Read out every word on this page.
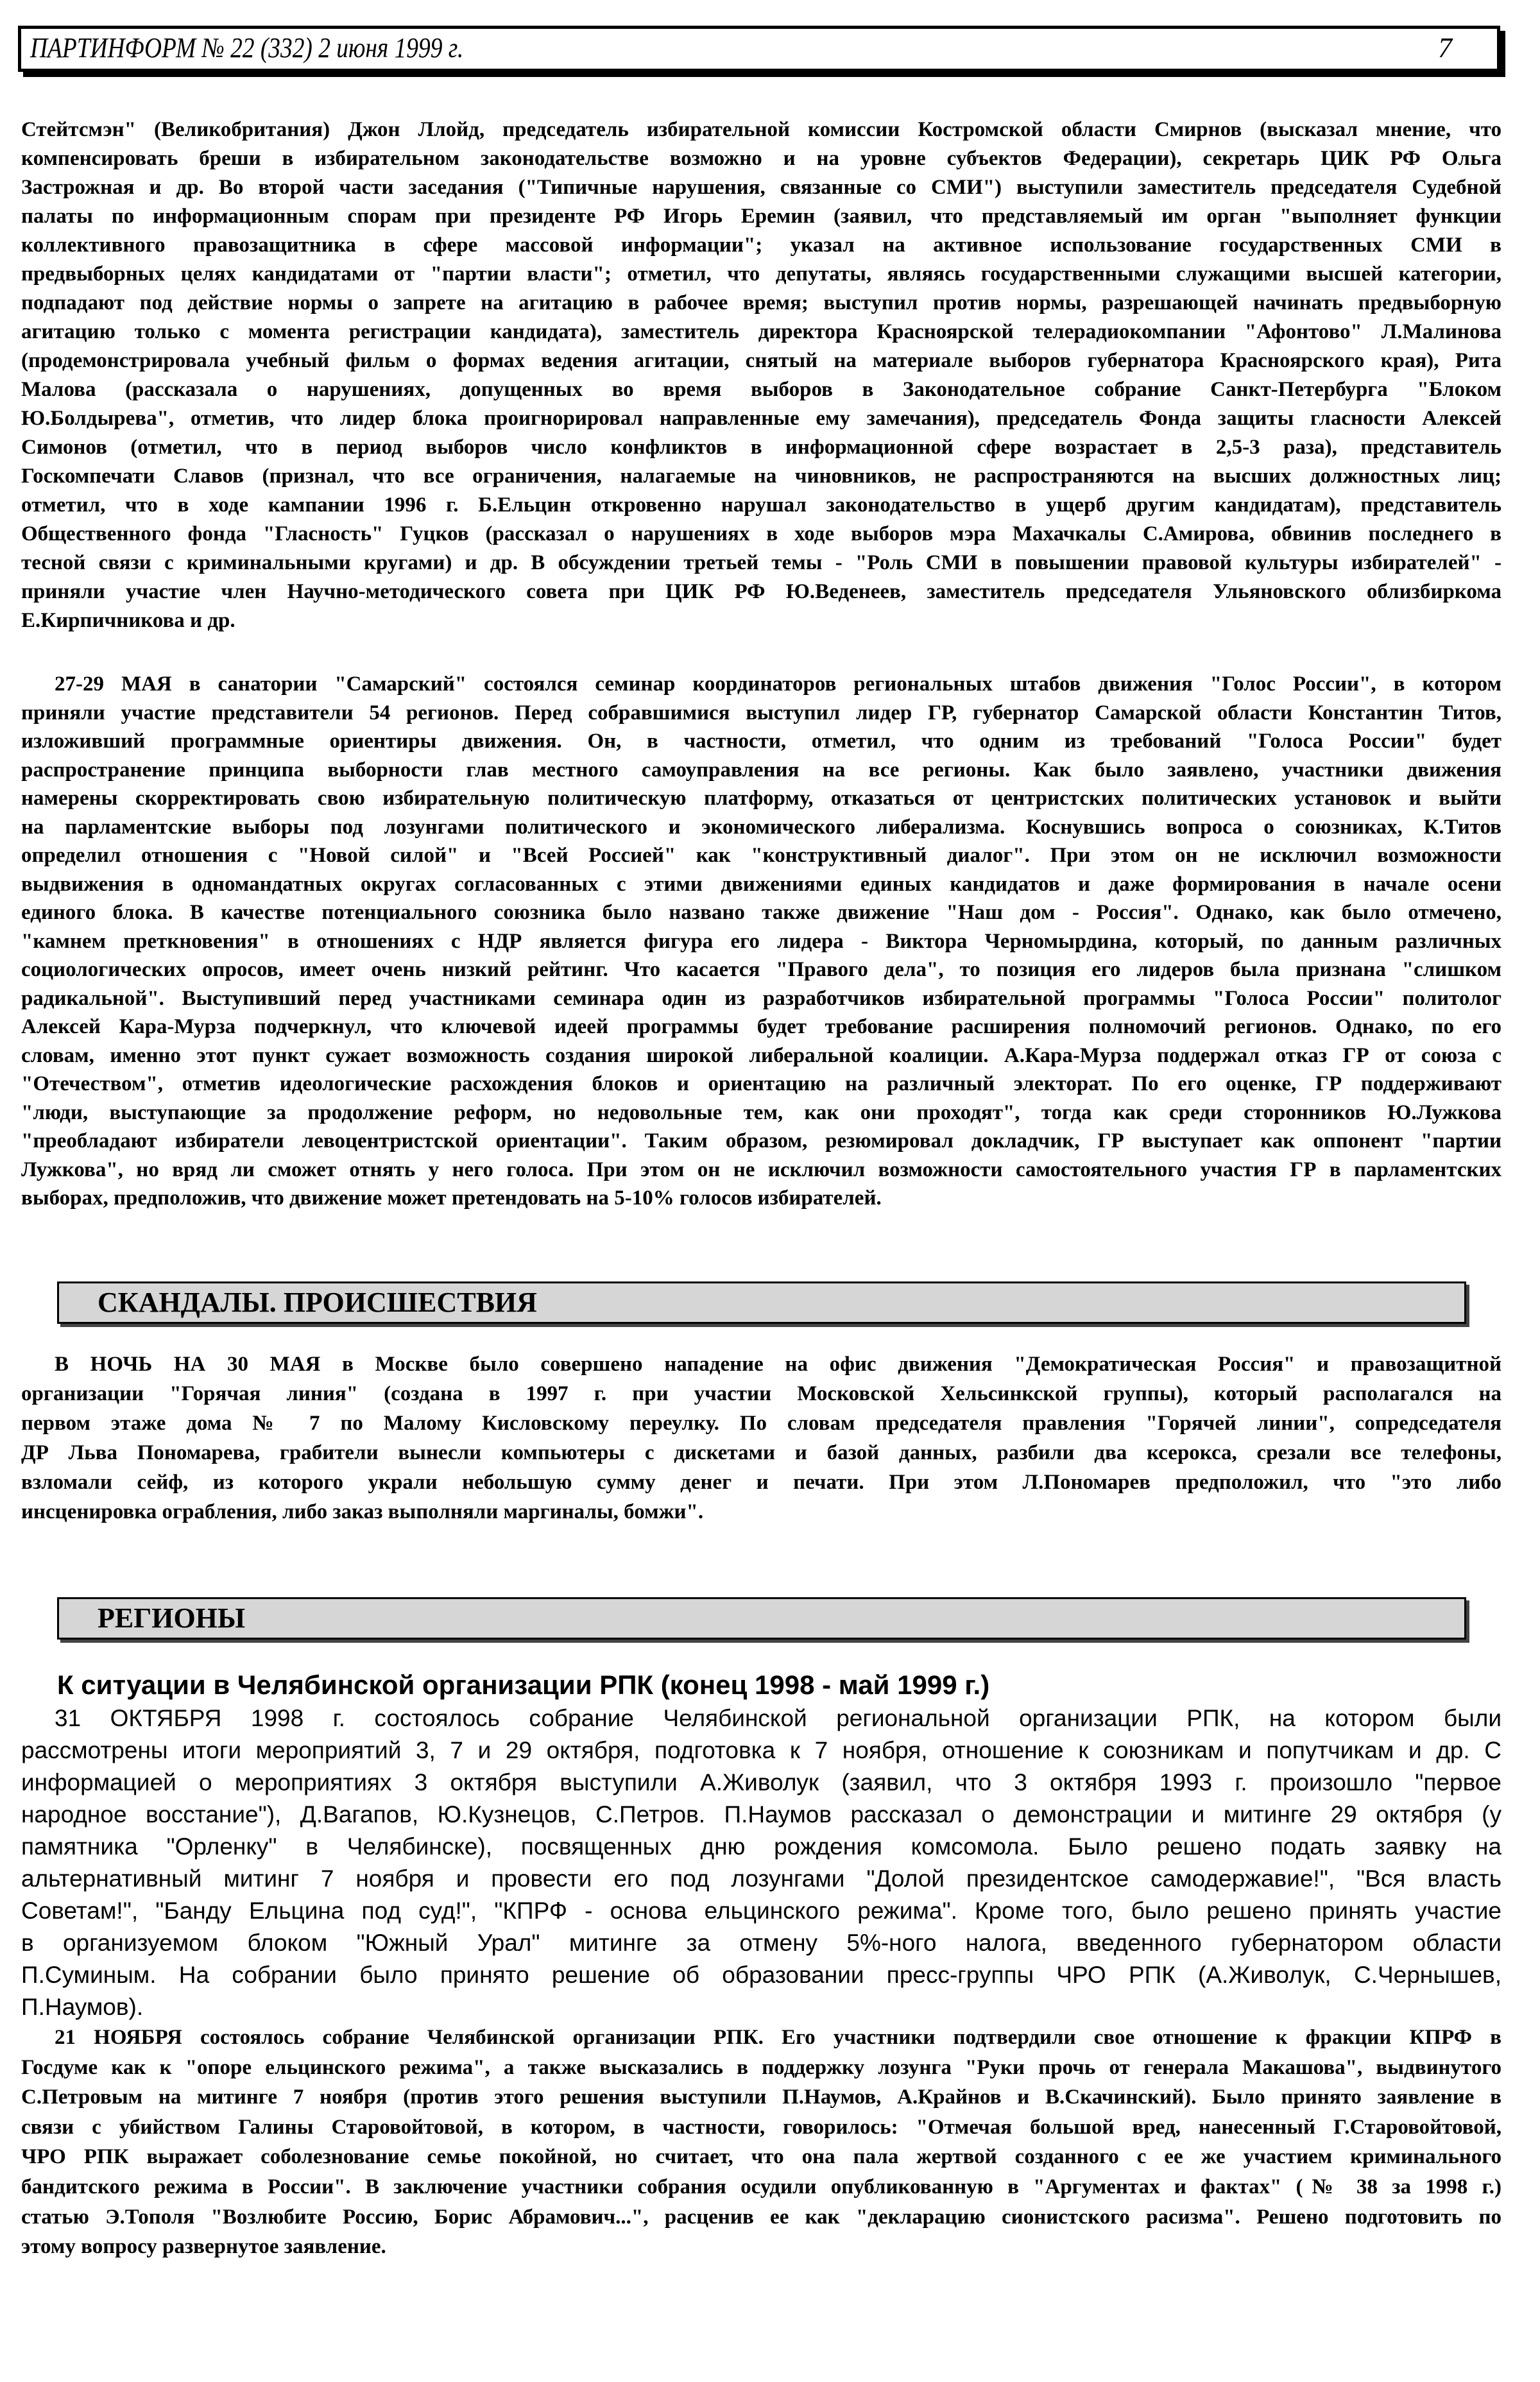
ПАРТИНФОРМ № 22 (332) 2 июня 1999 г.	7
Стейтсмэн" (Великобритания) Джон Ллойд, председатель избирательной комиссии Костромской области Смирнов (высказал мнение, что
компенсировать бреши в избирательном законодательстве возможно и на уровне субъектов Федерации), секретарь ЦИК РФ Ольга
Застрожная и др. Во второй части заседания ("Типичные нарушения, связанные со СМИ") выступили заместитель председателя Судебной
палаты по информационным спорам при президенте РФ Игорь Еремин (заявил, что представляемый им орган "выполняет функции
коллективного правозащитника в сфере массовой информации"; указал на активное использование государственных СМИ в
предвыборных целях кандидатами от "партии власти"; отметил, что депутаты, являясь государственными служащими высшей категории,
подпадают под действие нормы о запрете на агитацию в рабочее время; выступил против нормы, разрешающей начинать предвыборную
агитацию только с момента регистрации кандидата), заместитель директора Красноярской телерадиокомпании "Афонтово" Л.Малинова
(продемонстрировала учебный фильм о формах ведения агитации, снятый на материале выборов губернатора Красноярского края), Рита
Малова (рассказала о нарушениях, допущенных во время выборов в Законодательное собрание Санкт-Петербурга "Блоком
Ю.Болдырева", отметив, что лидер блока проигнорировал направленные ему замечания), председатель Фонда защиты гласности Алексей
Симонов (отметил, что в период выборов число конфликтов в информационной сфере возрастает в 2,5-3 раза), представитель
Госкомпечати Славов (признал, что все ограничения, налагаемые на чиновников, не распространяются на высших должностных лиц;
отметил, что в ходе кампании 1996 г. Б.Ельцин откровенно нарушал законодательство в ущерб другим кандидатам), представитель
Общественного фонда "Гласность" Гуцков (рассказал о нарушениях в ходе выборов мэра Махачкалы С.Амирова, обвинив последнего в
тесной связи с криминальными кругами) и др. В обсуждении третьей темы - "Роль СМИ в повышении правовой культуры избирателей" -
приняли участие член Научно-методического совета при ЦИК РФ Ю.Веденеев, заместитель председателя Ульяновского облизбиркома
Е.Кирпичникова и др.
27-29 МАЯ в санатории "Самарский" состоялся семинар координаторов региональных штабов движения "Голос России", в котором
приняли участие представители 54 регионов. Перед собравшимися выступил лидер ГР, губернатор Самарской области Константин Титов,
изложивший программные ориентиры движения. Он, в частности, отметил, что одним из требований "Голоса России" будет
распространение принципа выборности глав местного самоуправления на все регионы. Как было заявлено, участники движения
намерены скорректировать свою избирательную политическую платформу, отказаться от центристских политических установок и выйти
на парламентские выборы под лозунгами политического и экономического либерализма. Коснувшись вопроса о союзниках, К.Титов
определил отношения с "Новой силой" и "Всей Россией" как "конструктивный диалог". При этом он не исключил возможности
выдвижения в одномандатных округах согласованных с этими движениями единых кандидатов и даже формирования в начале осени
единого блока. В качестве потенциального союзника было названо также движение "Наш дом - Россия". Однако, как было отмечено,
"камнем преткновения" в отношениях с НДР является фигура его лидера - Виктора Черномырдина, который, по данным различных
социологических опросов, имеет очень низкий рейтинг. Что касается "Правого дела", то позиция его лидеров была признана "слишком
радикальной". Выступивший перед участниками семинара один из разработчиков избирательной программы "Голоса России" политолог
Алексей Кара-Мурза подчеркнул, что ключевой идеей программы будет требование расширения полномочий регионов. Однако, по его
словам, именно этот пункт сужает возможность создания широкой либеральной коалиции. А.Кара-Мурза поддержал отказ ГР от союза с
"Отечеством", отметив идеологические расхождения блоков и ориентацию на различный электорат. По его оценке, ГР поддерживают
"люди, выступающие за продолжение реформ, но недовольные тем, как они проходят", тогда как среди сторонников Ю.Лужкова
"преобладают избиратели левоцентристской ориентации". Таким образом, резюмировал докладчик, ГР выступает как оппонент "партии
Лужкова", но вряд ли сможет отнять у него голоса. При этом он не исключил возможности самостоятельного участия ГР в парламентских
выборах, предположив, что движение может претендовать на 5-10% голосов избирателей.
СКАНДАЛЫ. ПРОИСШЕСТВИЯ
В НОЧЬ НА 30 МАЯ в Москве было совершено нападение на офис движения "Демократическая Россия" и правозащитной
организации "Горячая линия" (создана в 1997 г. при участии Московской Хельсинкской группы), который располагался на
первом этаже дома № 7 по Малому Кисловскому переулку. По словам председателя правления "Горячей линии", сопредседателя
ДР Льва Пономарева, грабители вынесли компьютеры с дискетами и базой данных, разбили два ксерокса, срезали все телефоны,
взломали сейф, из которого украли небольшую сумму денег и печати. При этом Л.Пономарев предположил, что "это либо
инсценировка ограбления, либо заказ выполняли маргиналы, бомжи".
РЕГИОНЫ
К ситуации в Челябинской организации РПК (конец 1998 - май 1999 г.)
31 ОКТЯБРЯ 1998 г. состоялось собрание Челябинской региональной организации РПК, на котором были
рассмотрены итоги мероприятий 3, 7 и 29 октября, подготовка к 7 ноября, отношение к союзникам и попутчикам и др. С
информацией о мероприятиях 3 октября выступили А.Живолук (заявил, что 3 октября 1993 г. произошло "первое
народное восстание"), Д.Вагапов, Ю.Кузнецов, С.Петров. П.Наумов рассказал о демонстрации и митинге 29 октября (у
памятника "Орленку" в Челябинске), посвященных дню рождения комсомола. Было решено подать заявку на
альтернативный митинг 7 ноября и провести его под лозунгами "Долой президентское самодержавие!", "Вся власть
Советам!", "Банду Ельцина под суд!", "КПРФ - основа ельцинского режима". Кроме того, было решено принять участие
в организуемом блоком "Южный Урал" митинге за отмену 5%-ного налога, введенного губернатором области
П.Суминым. На собрании было принято решение об образовании пресс-группы ЧРО РПК (А.Живолук, С.Чернышев,
П.Наумов).
21 НОЯБРЯ состоялось собрание Челябинской организации РПК. Его участники подтвердили свое отношение к фракции КПРФ в
Госдуме как к "опоре ельцинского режима", а также высказались в поддержку лозунга "Руки прочь от генерала Макашова", выдвинутого
С.Петровым на митинге 7 ноября (против этого решения выступили П.Наумов, А.Крайнов и В.Скачинский). Было принято заявление в
связи с убийством Галины Старовойтовой, в котором, в частности, говорилось: "Отмечая большой вред, нанесенный Г.Старовойтовой,
ЧРО РПК выражает соболезнование семье покойной, но считает, что она пала жертвой созданного с ее же участием криминального
бандитского режима в России". В заключение участники собрания осудили опубликованную в "Аргументах и фактах" (№ 38 за 1998 г.)
статью Э.Тополя "Возлюбите Россию, Борис Абрамович...", расценив ее как "декларацию сионистского расизма". Решено подготовить по
этому вопросу развернутое заявление.
